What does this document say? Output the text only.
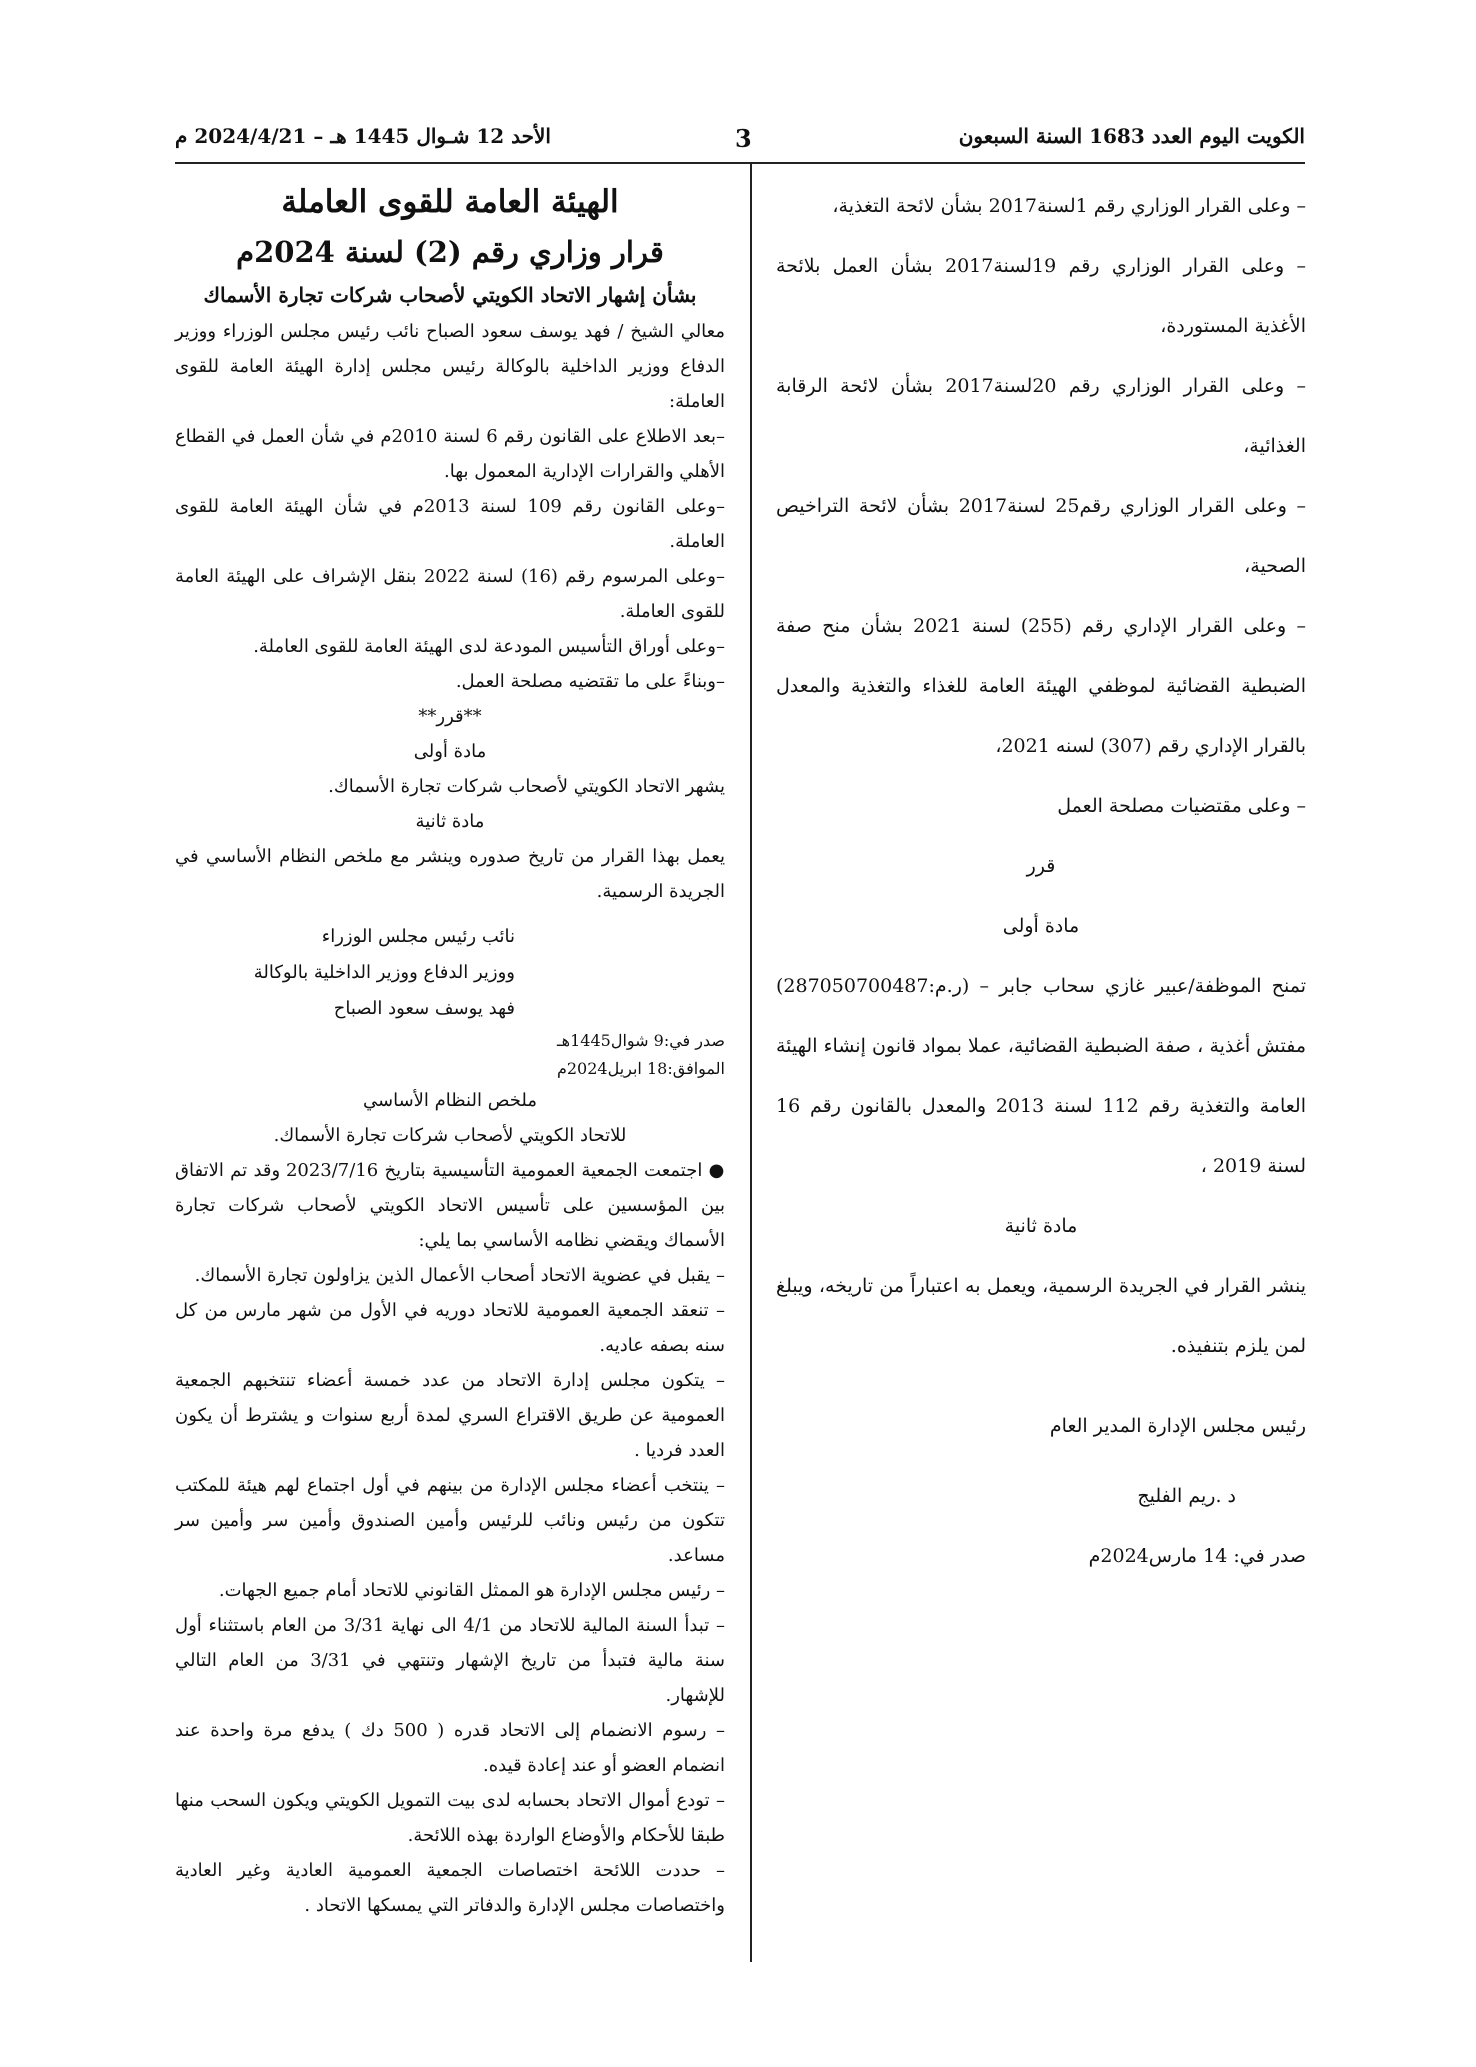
الكويت اليوم العدد 1683 السنة السبعون
3
الأحد 12 شـوال 1445 هـ – 2024/4/21 م

– وعلى القرار الوزاري رقم 1لسنة2017 بشأن لائحة التغذية،

– وعلى القرار الوزاري رقم 19لسنة2017 بشأن العمل بلائحة الأغذية المستوردة،

– وعلى القرار الوزاري رقم 20لسنة2017 بشأن لائحة الرقابة الغذائية،

– وعلى القرار الوزاري رقم25 لسنة2017 بشأن لائحة التراخيص الصحية،

– وعلى القرار الإداري رقم (255) لسنة 2021 بشأن منح صفة الضبطية القضائية لموظفي الهيئة العامة للغذاء والتغذية والمعدل بالقرار الإداري رقم (307) لسنه 2021،

– وعلى مقتضيات مصلحة العمل

قرر

مادة أولى

تمنح الموظفة/عبير غازي سحاب جابر – (ر.م:287050700487) مفتش أغذية ، صفة الضبطية القضائية، عملا بمواد قانون إنشاء الهيئة العامة والتغذية رقم 112 لسنة 2013 والمعدل بالقانون رقم 16 لسنة 2019 ،

مادة ثانية

ينشر القرار في الجريدة الرسمية، ويعمل به اعتباراً من تاريخه، ويبلغ لمن يلزم بتنفيذه.

رئيس مجلس الإدارة المدير العام

د .ريم الفليج

صدر في: 14 مارس2024م

الهيئة العامة للقوى العاملة

قرار وزاري رقم (2) لسنة 2024م

بشأن إشهار الاتحاد الكويتي لأصحاب شركات تجارة الأسماك

معالي الشيخ / فهد يوسف سعود الصباح نائب رئيس مجلس الوزراء ووزير الدفاع ووزير الداخلية بالوكالة رئيس مجلس إدارة الهيئة العامة للقوى العاملة:

–بعد الاطلاع على القانون رقم 6 لسنة 2010م في شأن العمل في القطاع الأهلي والقرارات الإدارية المعمول بها.

–وعلى القانون رقم 109 لسنة 2013م في شأن الهيئة العامة للقوى العاملة.

–وعلى المرسوم رقم (16) لسنة 2022 بنقل الإشراف على الهيئة العامة للقوى العاملة.

–وعلى أوراق التأسيس المودعة لدى الهيئة العامة للقوى العاملة.

–وبناءً على ما تقتضيه مصلحة العمل.

**قرر**

مادة أولى

يشهر الاتحاد الكويتي لأصحاب شركات تجارة الأسماك.

مادة ثانية

يعمل بهذا القرار من تاريخ صدوره وينشر مع ملخص النظام الأساسي في الجريدة الرسمية.

نائب رئيس مجلس الوزراء

ووزير الدفاع ووزير الداخلية بالوكالة

فهد يوسف سعود الصباح

صدر في:9 شوال1445هـ

الموافق:18 ابريل2024م

ملخص النظام الأساسي

للاتحاد الكويتي لأصحاب شركات تجارة الأسماك.

● اجتمعت الجمعية العمومية التأسيسية بتاريخ 2023/7/16 وقد تم الاتفاق بين المؤسسين على تأسيس الاتحاد الكويتي لأصحاب شركات تجارة الأسماك ويقضي نظامه الأساسي بما يلي:

– يقبل في عضوية الاتحاد أصحاب الأعمال الذين يزاولون تجارة الأسماك.

– تنعقد الجمعية العمومية للاتحاد دوريه في الأول من شهر مارس من كل سنه بصفه عاديه.

– يتكون مجلس إدارة الاتحاد من عدد خمسة أعضاء تنتخبهم الجمعية العمومية عن طريق الاقتراع السري لمدة أربع سنوات و يشترط أن يكون العدد فرديا .

– ينتخب أعضاء مجلس الإدارة من بينهم في أول اجتماع لهم هيئة للمكتب تتكون من رئيس ونائب للرئيس وأمين الصندوق وأمين سر وأمين سر مساعد.

– رئيس مجلس الإدارة هو الممثل القانوني للاتحاد أمام جميع الجهات.

– تبدأ السنة المالية للاتحاد من 4/1 الى نهاية 3/31 من العام باستثناء أول سنة مالية فتبدأ من تاريخ الإشهار وتنتهي في 3/31 من العام التالي للإشهار.

– رسوم الانضمام إلى الاتحاد قدره ( 500 دك ) يدفع مرة واحدة عند انضمام العضو أو عند إعادة قيده.

– تودع أموال الاتحاد بحسابه لدى بيت التمويل الكويتي ويكون السحب منها طبقا للأحكام والأوضاع الواردة بهذه اللائحة.

– حددت اللائحة اختصاصات الجمعية العمومية العادية وغير العادية واختصاصات مجلس الإدارة والدفاتر التي يمسكها الاتحاد .
